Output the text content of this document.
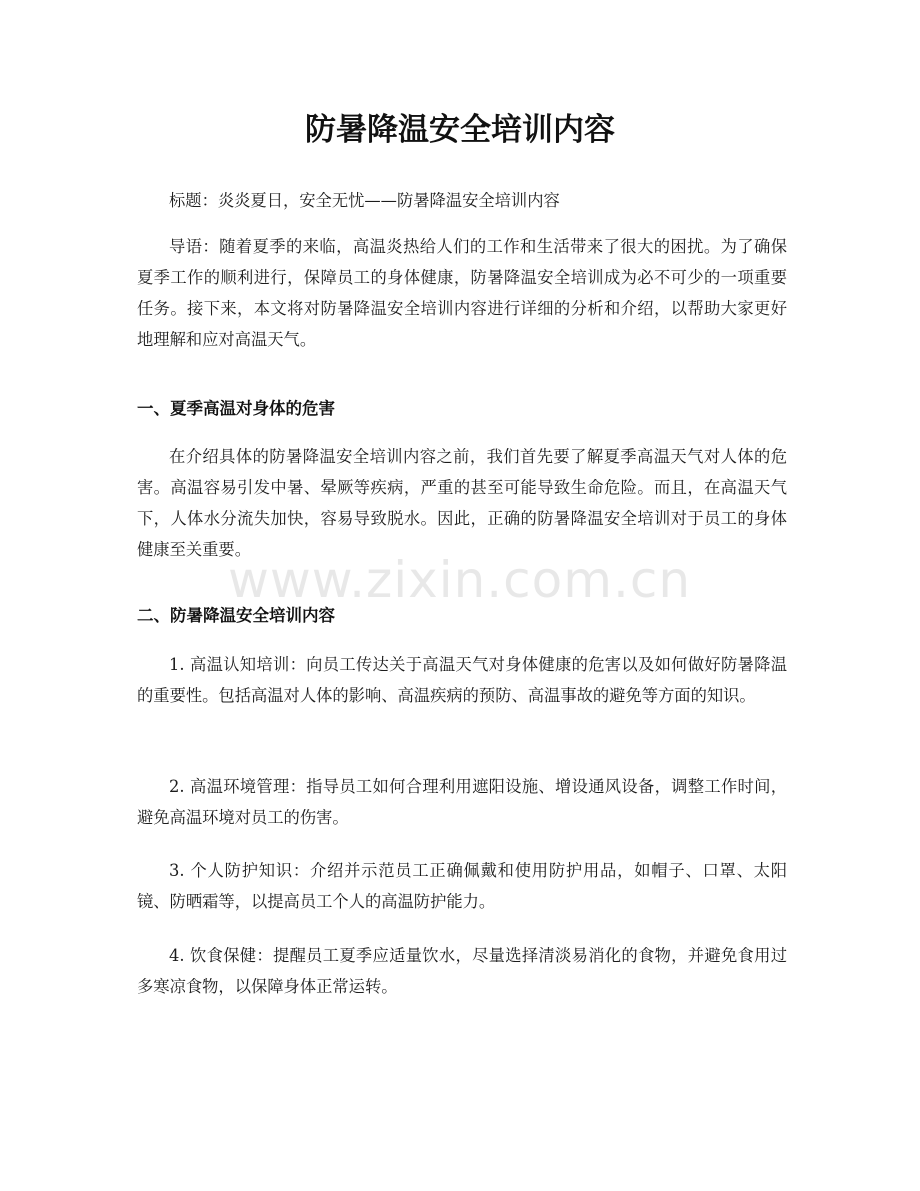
防暑降温安全培训内容

标题：炎炎夏日，安全无忧——防暑降温安全培训内容

导语：随着夏季的来临，高温炎热给人们的工作和生活带来了很大的困扰。为了确保夏季工作的顺利进行，保障员工的身体健康，防暑降温安全培训成为必不可少的一项重要任务。接下来，本文将对防暑降温安全培训内容进行详细的分析和介绍，以帮助大家更好地理解和应对高温天气。

一、夏季高温对身体的危害

在介绍具体的防暑降温安全培训内容之前，我们首先要了解夏季高温天气对人体的危害。高温容易引发中暑、晕厥等疾病，严重的甚至可能导致生命危险。而且，在高温天气下，人体水分流失加快，容易导致脱水。因此，正确的防暑降温安全培训对于员工的身体健康至关重要。

二、防暑降温安全培训内容

1. 高温认知培训：向员工传达关于高温天气对身体健康的危害以及如何做好防暑降温的重要性。包括高温对人体的影响、高温疾病的预防、高温事故的避免等方面的知识。

2. 高温环境管理：指导员工如何合理利用遮阳设施、增设通风设备，调整工作时间，避免高温环境对员工的伤害。

3. 个人防护知识：介绍并示范员工正确佩戴和使用防护用品，如帽子、口罩、太阳镜、防晒霜等，以提高员工个人的高温防护能力。

4. 饮食保健：提醒员工夏季应适量饮水，尽量选择清淡易消化的食物，并避免食用过多寒凉食物，以保障身体正常运转。

www.zixin.com.cn
